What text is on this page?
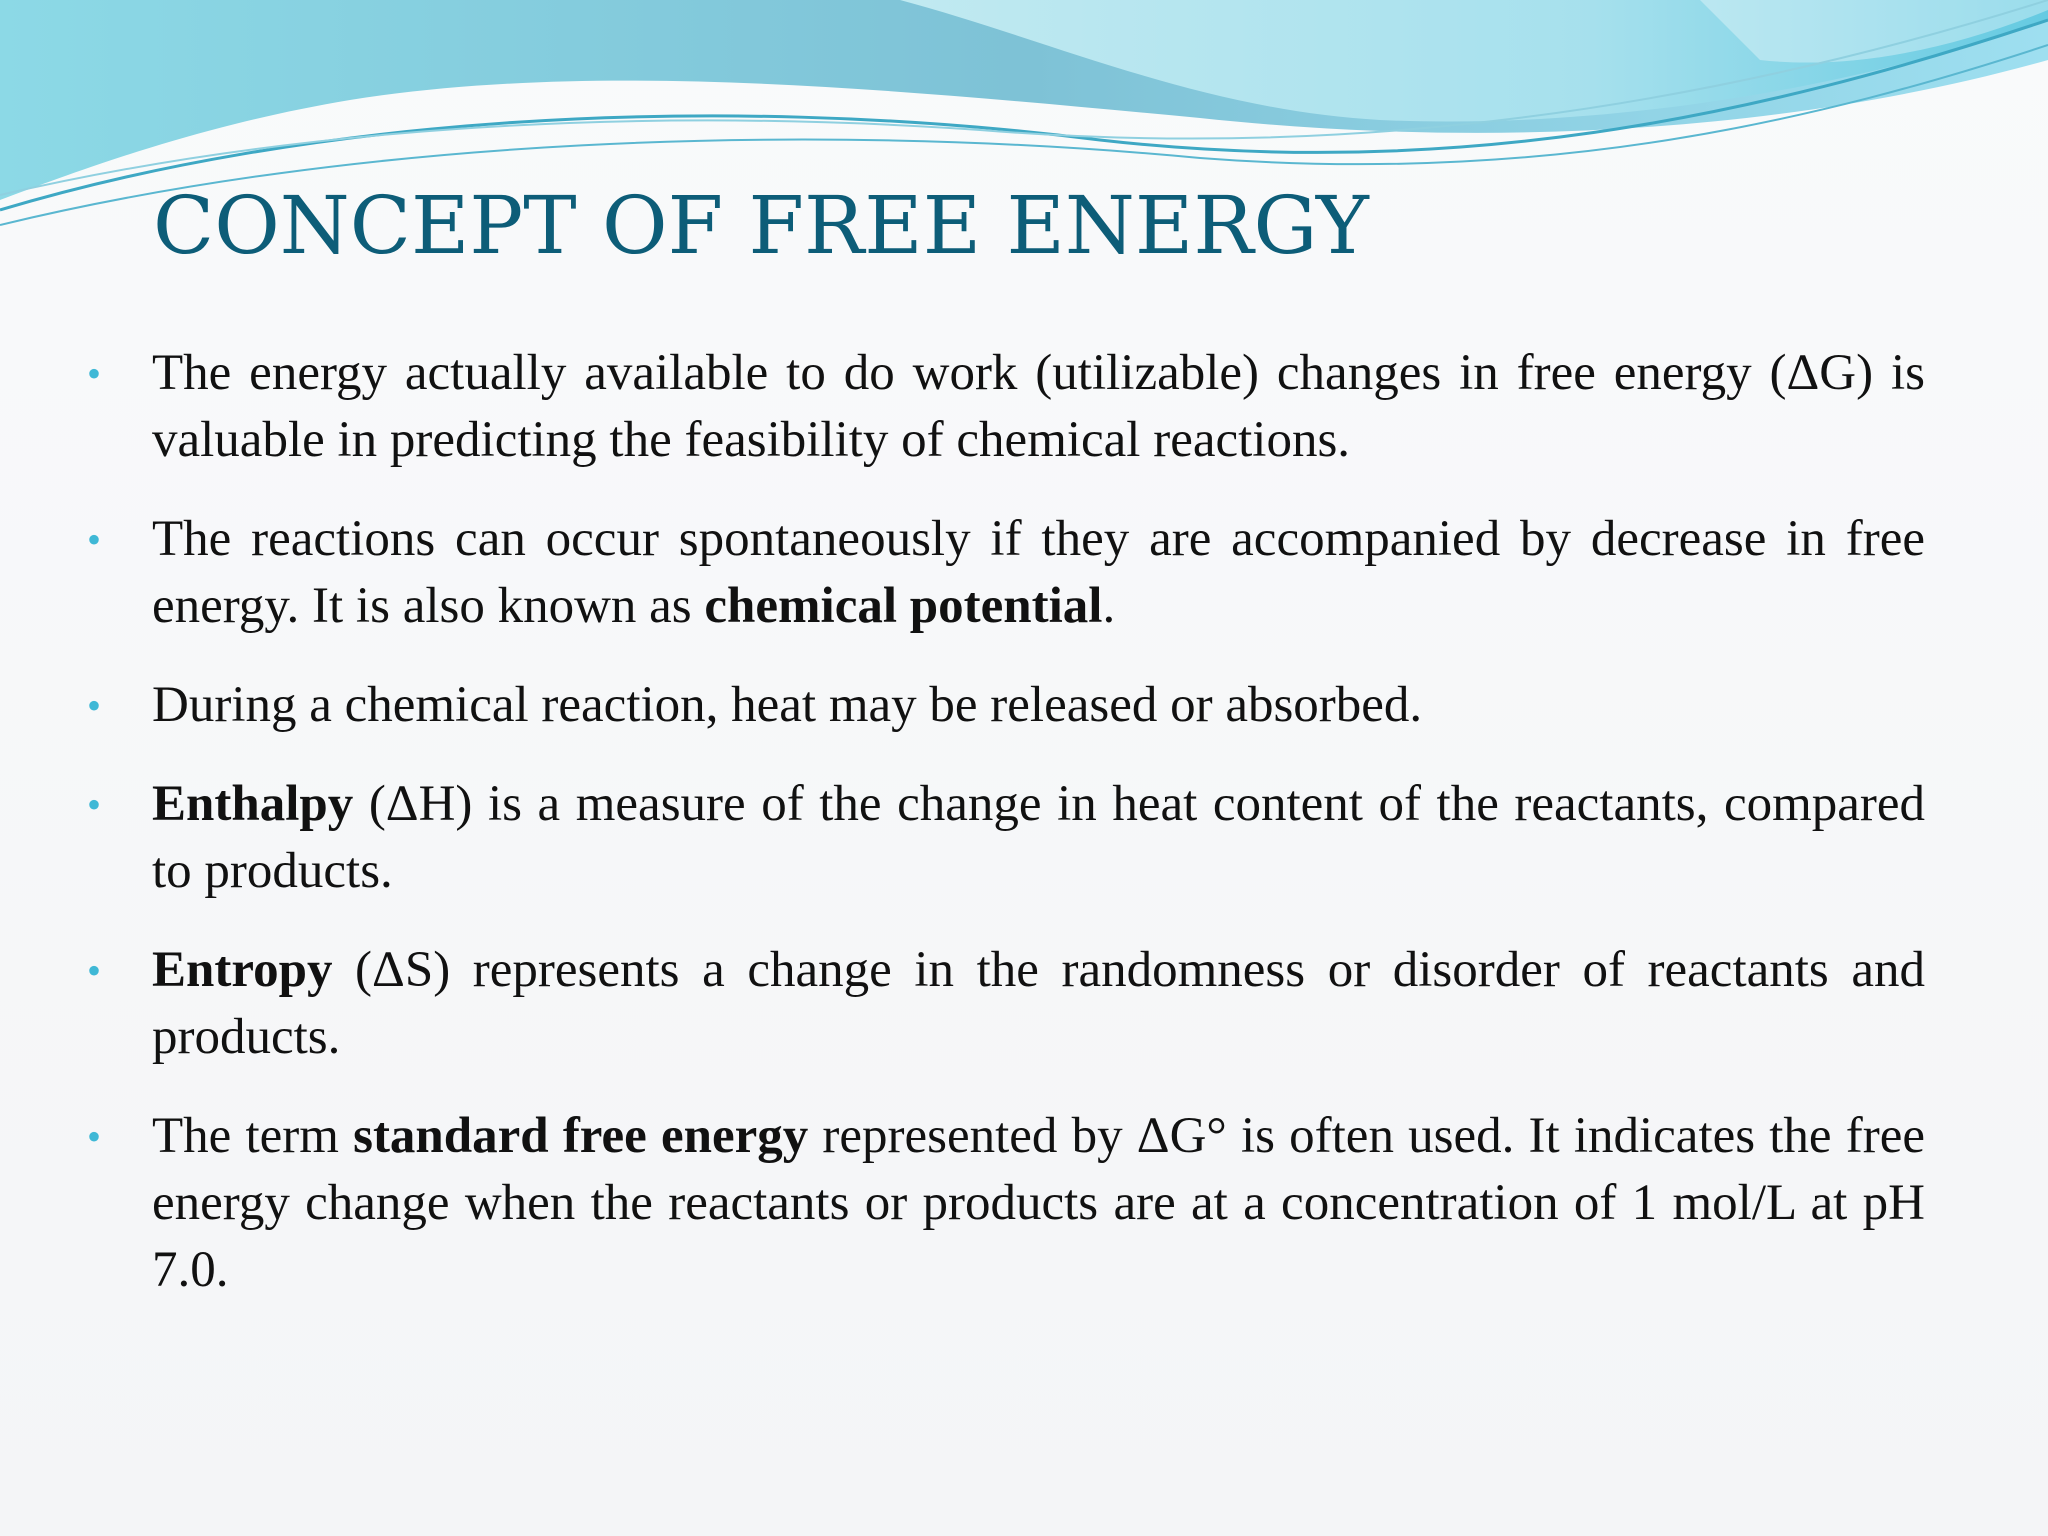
CONCEPT OF FREE ENERGY
• The energy actually available to do work (utilizable) changes in free energy (ΔG) is valuable in predicting the feasibility of chemical reactions.
• The reactions can occur spontaneously if they are accompanied by decrease in free energy. It is also known as chemical potential.
• During a chemical reaction, heat may be released or absorbed.
• Enthalpy (ΔH) is a measure of the change in heat content of the reactants, compared to products.
• Entropy (ΔS) represents a change in the randomness or disorder of reactants and products.
• The term standard free energy represented by ΔG° is often used. It indicates the free energy change when the reactants or products are at a concentration of 1 mol/L at pH 7.0.
